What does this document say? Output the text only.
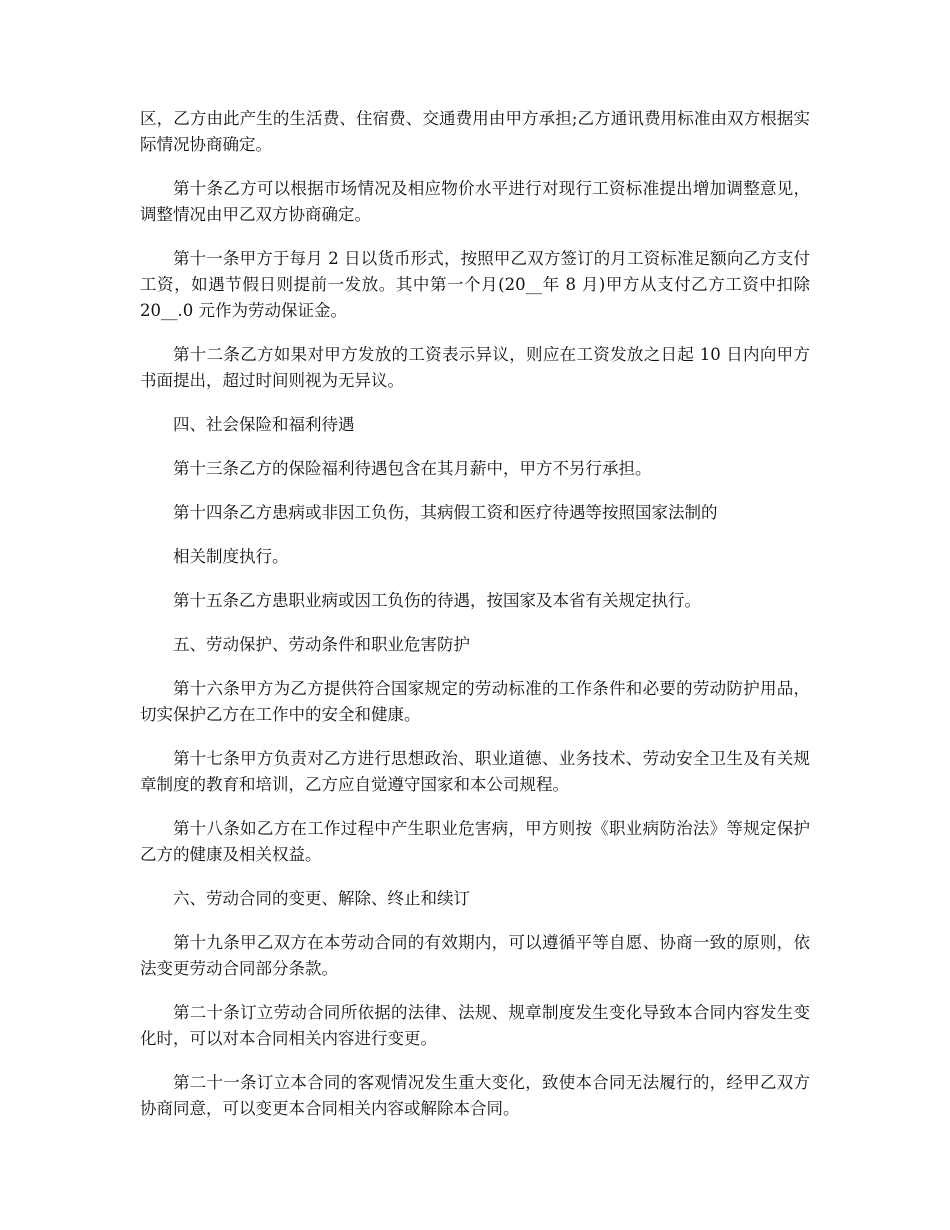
区，乙方由此产生的生活费、住宿费、交通费用由甲方承担;乙方通讯费用标准由双方根据实际情况协商确定。

第十条乙方可以根据市场情况及相应物价水平进行对现行工资标准提出增加调整意见，调整情况由甲乙双方协商确定。

第十一条甲方于每月 2 日以货币形式，按照甲乙双方签订的月工资标准足额向乙方支付工资，如遇节假日则提前一发放。其中第一个月(20__年 8 月)甲方从支付乙方工资中扣除 20__.0 元作为劳动保证金。

第十二条乙方如果对甲方发放的工资表示异议，则应在工资发放之日起 10 日内向甲方书面提出，超过时间则视为无异议。

四、社会保险和福利待遇

第十三条乙方的保险福利待遇包含在其月薪中，甲方不另行承担。

第十四条乙方患病或非因工负伤，其病假工资和医疗待遇等按照国家法制的

相关制度执行。

第十五条乙方患职业病或因工负伤的待遇，按国家及本省有关规定执行。

五、劳动保护、劳动条件和职业危害防护

第十六条甲方为乙方提供符合国家规定的劳动标准的工作条件和必要的劳动防护用品，切实保护乙方在工作中的安全和健康。

第十七条甲方负责对乙方进行思想政治、职业道德、业务技术、劳动安全卫生及有关规章制度的教育和培训，乙方应自觉遵守国家和本公司规程。

第十八条如乙方在工作过程中产生职业危害病，甲方则按《职业病防治法》等规定保护乙方的健康及相关权益。

六、劳动合同的变更、解除、终止和续订

第十九条甲乙双方在本劳动合同的有效期内，可以遵循平等自愿、协商一致的原则，依法变更劳动合同部分条款。

第二十条订立劳动合同所依据的法律、法规、规章制度发生变化导致本合同内容发生变化时，可以对本合同相关内容进行变更。

第二十一条订立本合同的客观情况发生重大变化，致使本合同无法履行的，经甲乙双方协商同意，可以变更本合同相关内容或解除本合同。
